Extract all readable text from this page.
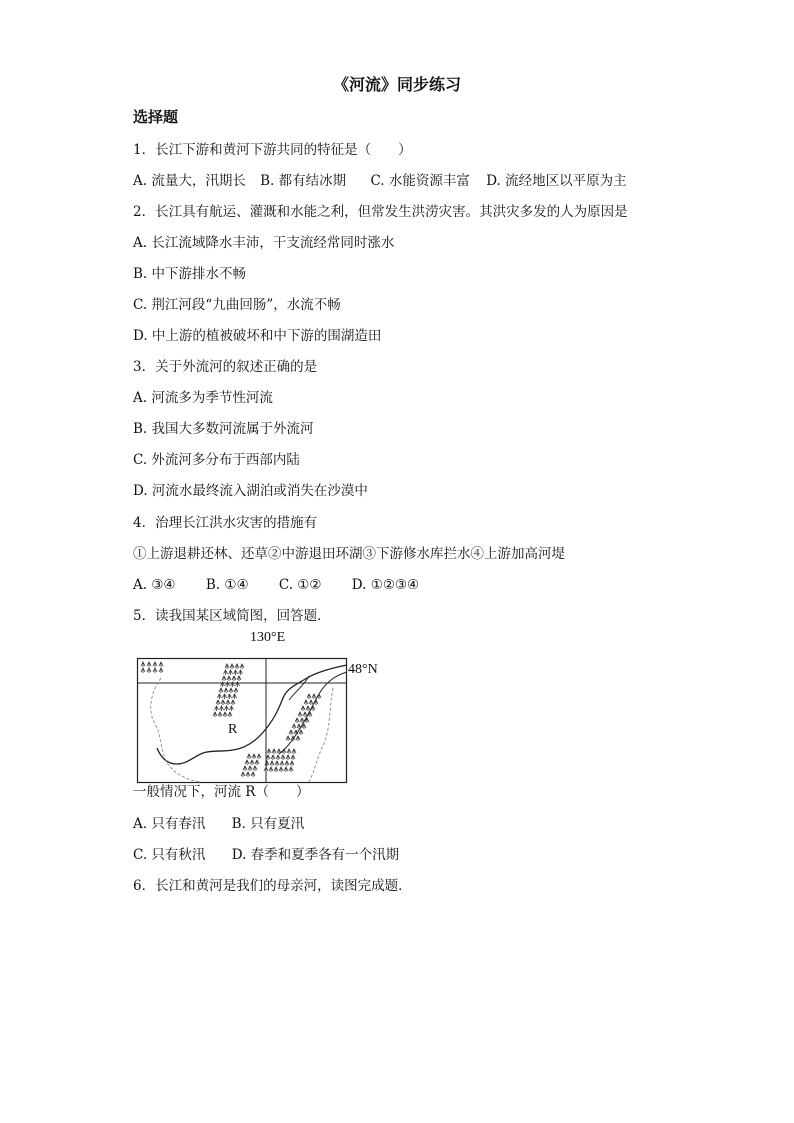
《河流》同步练习
选择题
1．长江下游和黄河下游共同的特征是（　　）
A. 流量大，汛期长 B. 都有结冰期 C. 水能资源丰富 D. 流经地区以平原为主
2．长江具有航运、灌溉和水能之利，但常发生洪涝灾害。其洪灾多发的人为原因是
A. 长江流域降水丰沛，干支流经常同时涨水
B. 中下游排水不畅
C. 荆江河段“九曲回肠”，水流不畅
D. 中上游的植被破坏和中下游的围湖造田
3．关于外流河的叙述正确的是
A. 河流多为季节性河流
B. 我国大多数河流属于外流河
C. 外流河多分布于西部内陆
D. 河流水最终流入湖泊或消失在沙漠中
4．治理长江洪水灾害的措施有
①上游退耕还林、还草②中游退田环湖③下游修水库拦水④上游加高河堤
A. ③④ B. ①④ C. ①② D. ①②③④
5．读我国某区域简图，回答题．
130°E
48°N
R
一般情况下，河流 R（　　）
A. 只有春汛 B. 只有夏汛
C. 只有秋汛 D. 春季和夏季各有一个汛期
6．长江和黄河是我们的母亲河，读图完成题．
